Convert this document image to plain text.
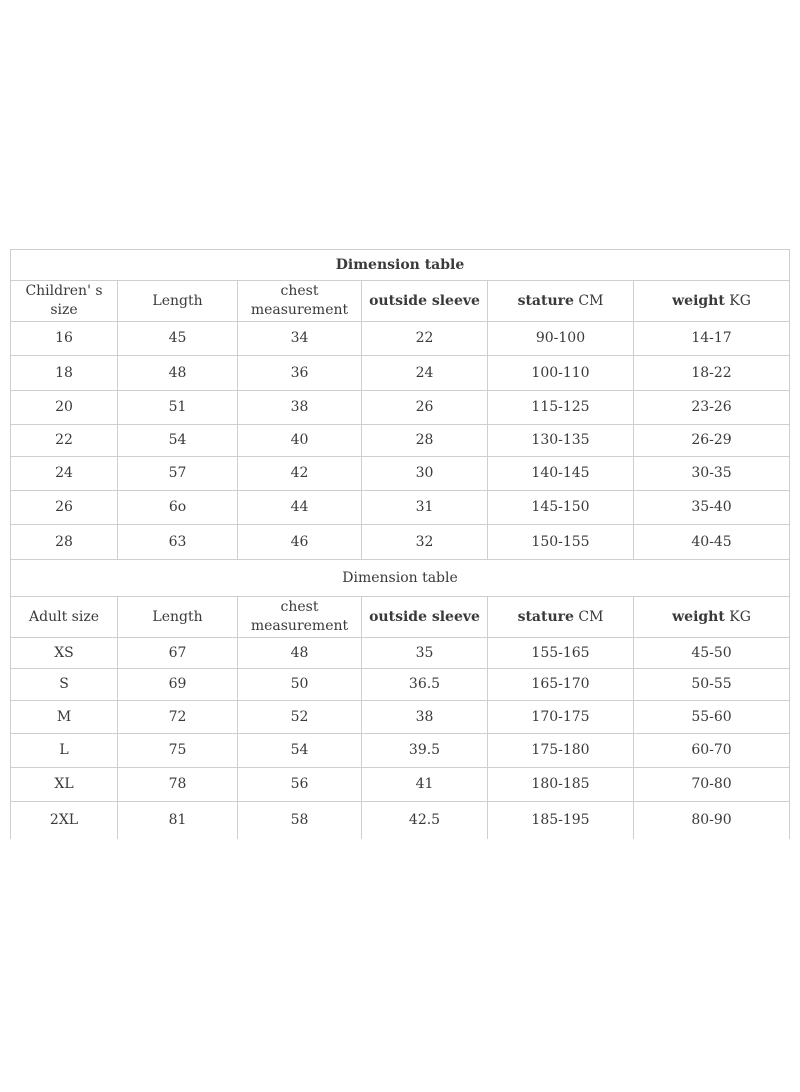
Dimension table					
Children' s size	Length	chest measurement	outside sleeve	stature CM	weight KG
16	45	34	22	90-100	14-17
18	48	36	24	100-110	18-22
20	51	38	26	115-125	23-26
22	54	40	28	130-135	26-29
24	57	42	30	140-145	30-35
26	6o	44	31	145-150	35-40
28	63	46	32	150-155	40-45
Dimension table					
Adult size	Length	chest measurement	outside sleeve	stature CM	weight KG
XS	67	48	35	155-165	45-50
S	69	50	36.5	165-170	50-55
M	72	52	38	170-175	55-60
L	75	54	39.5	175-180	60-70
XL	78	56	41	180-185	70-80
2XL	81	58	42.5	185-195	80-90
